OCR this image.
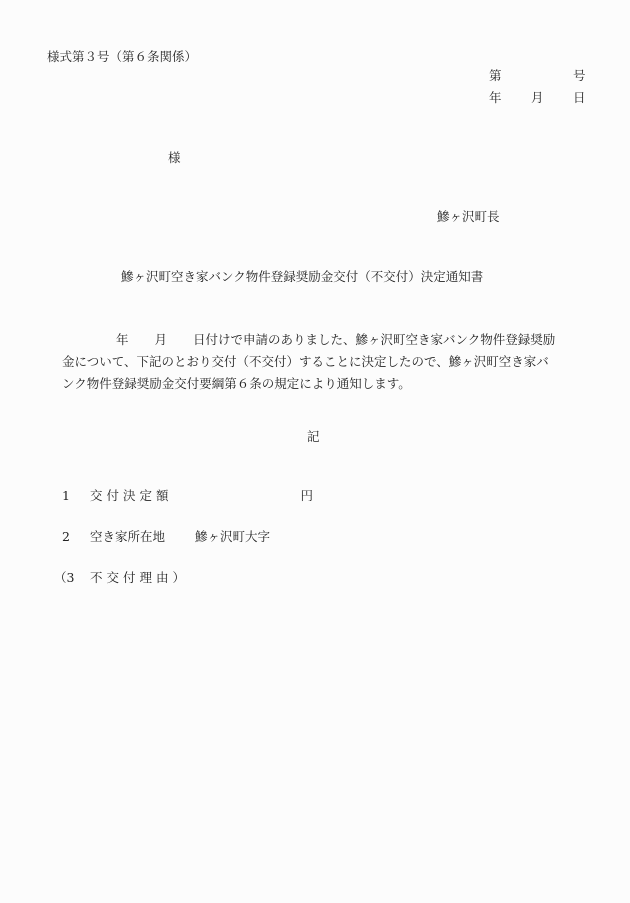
様式第３号（第６条関係）
第	号
年 月 日
様
鰺ヶ沢町長
鰺ヶ沢町空き家バンク物件登録奨励金交付（不交付）決定通知書
年 月 日付けで申請のありました、鰺ヶ沢町空き家バンク物件登録奨励
金について、下記のとおり交付（不交付）することに決定したので、鰺ヶ沢町空き家バ
ンク物件登録奨励金交付要綱第６条の規定により通知します。
記
1 交付決定額	円
2 空き家所在地 鰺ヶ沢町大字
（3 不交付理由）
